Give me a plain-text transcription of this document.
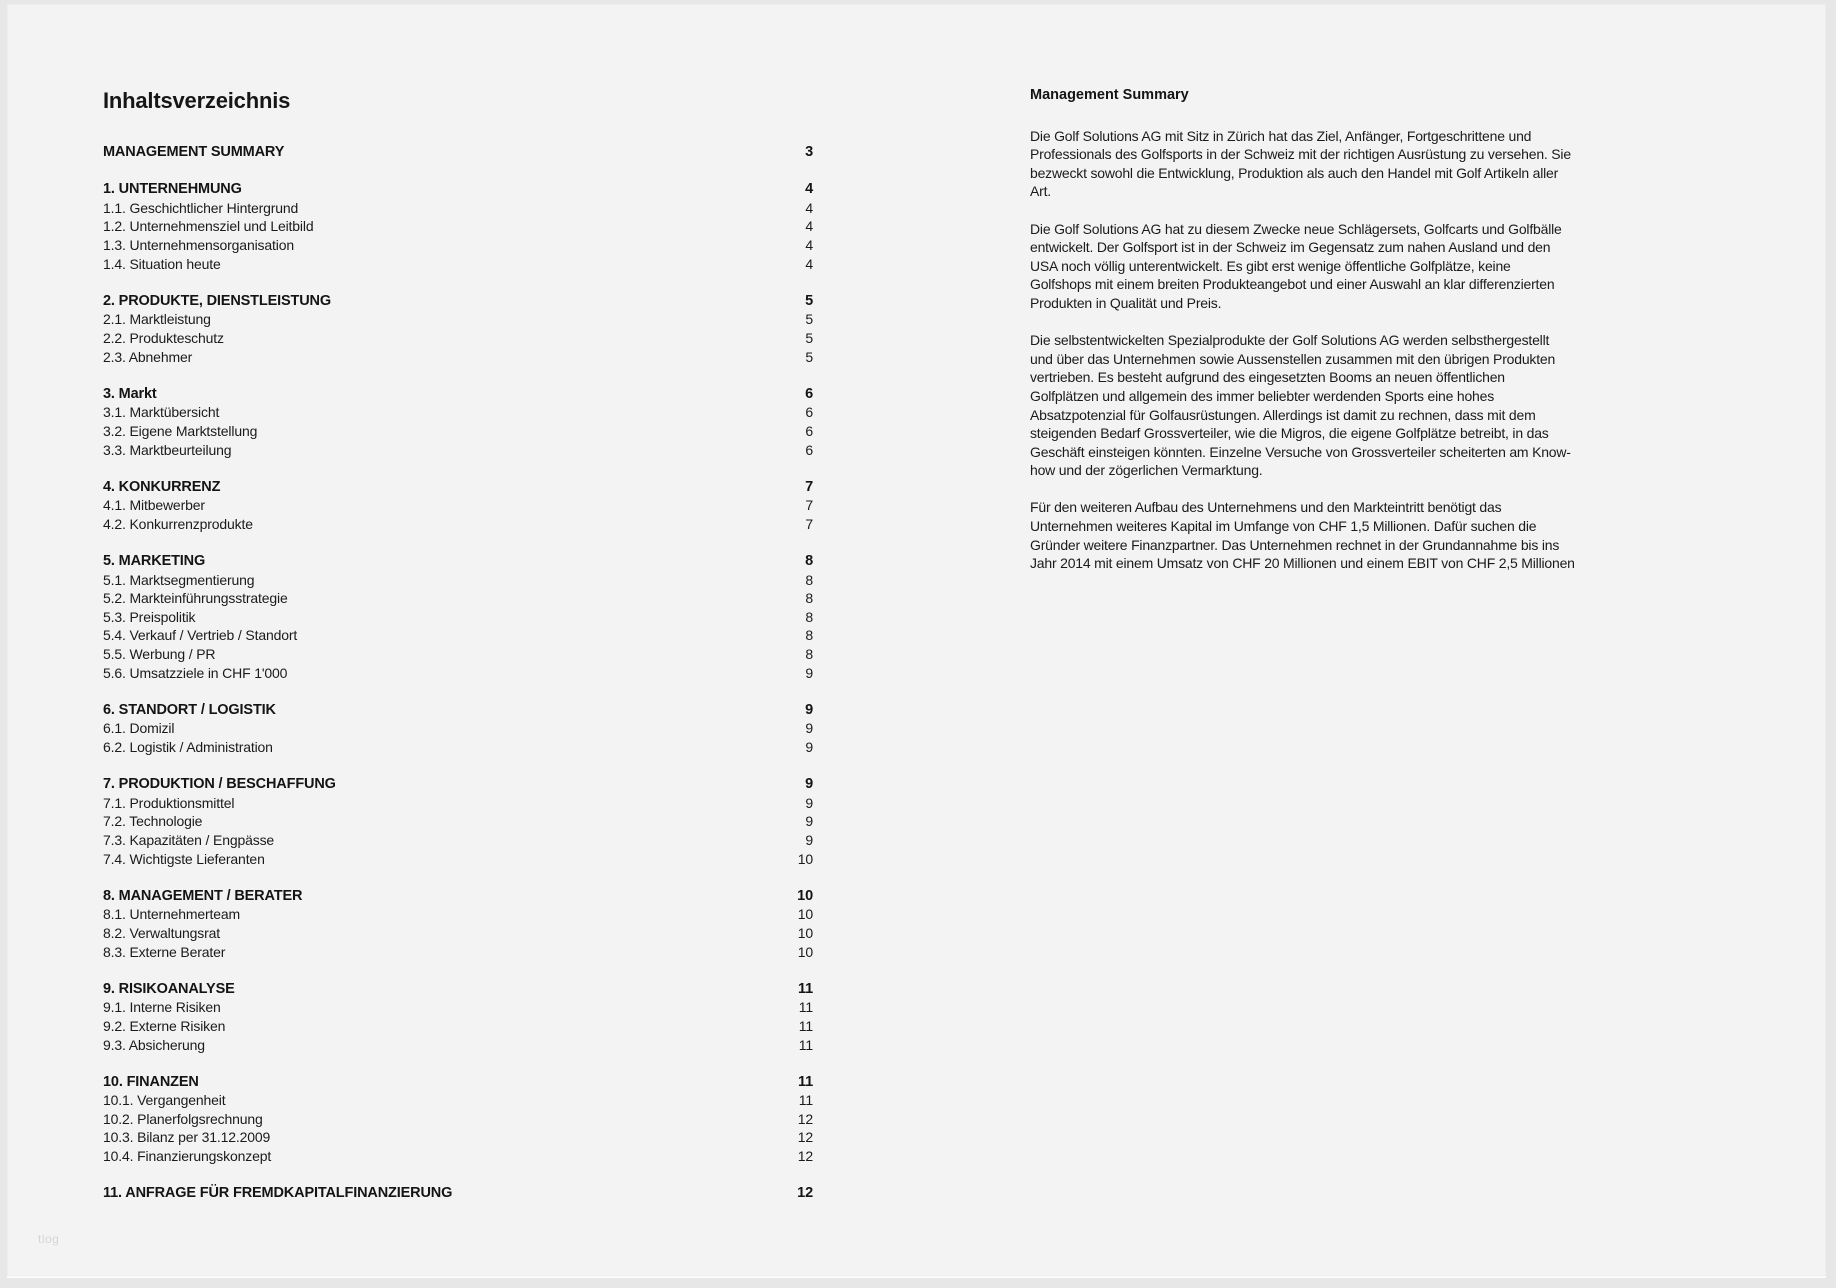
Inhaltsverzeichnis
MANAGEMENT SUMMARY	3
1. UNTERNEHMUNG	4
1.1. Geschichtlicher Hintergrund	4
1.2. Unternehmensziel und Leitbild	4
1.3. Unternehmensorganisation	4
1.4. Situation heute	4
2. PRODUKTE, DIENSTLEISTUNG	5
2.1. Marktleistung	5
2.2. Produkteschutz	5
2.3. Abnehmer	5
3. Markt	6
3.1. Marktübersicht	6
3.2. Eigene Marktstellung	6
3.3. Marktbeurteilung	6
4. KONKURRENZ	7
4.1. Mitbewerber	7
4.2. Konkurrenzprodukte	7
5. MARKETING	8
5.1. Marktsegmentierung	8
5.2. Markteinführungsstrategie	8
5.3. Preispolitik	8
5.4. Verkauf / Vertrieb / Standort	8
5.5. Werbung / PR	8
5.6. Umsatzziele in CHF 1'000	9
6. STANDORT / LOGISTIK	9
6.1. Domizil	9
6.2. Logistik / Administration	9
7. PRODUKTION / BESCHAFFUNG	9
7.1. Produktionsmittel	9
7.2. Technologie	9
7.3. Kapazitäten / Engpässe	9
7.4. Wichtigste Lieferanten	10
8. MANAGEMENT / BERATER	10
8.1. Unternehmerteam	10
8.2. Verwaltungsrat	10
8.3. Externe Berater	10
9. RISIKOANALYSE	11
9.1. Interne Risiken	11
9.2. Externe Risiken	11
9.3. Absicherung	11
10. FINANZEN	11
10.1. Vergangenheit	11
10.2. Planerfolgsrechnung	12
10.3. Bilanz per 31.12.2009	12
10.4. Finanzierungskonzept	12
11. ANFRAGE FÜR FREMDKAPITALFINANZIERUNG	12
Management Summary

Die Golf Solutions AG mit Sitz in Zürich hat das Ziel, Anfänger, Fortgeschrittene und Professionals des Golfsports in der Schweiz mit der richtigen Ausrüstung zu versehen. Sie bezweckt sowohl die Entwicklung, Produktion als auch den Handel mit Golf Artikeln aller Art.

Die Golf Solutions AG hat zu diesem Zwecke neue Schlägersets, Golfcarts und Golfbälle entwickelt. Der Golfsport ist in der Schweiz im Gegensatz zum nahen Ausland und den USA noch völlig unterentwickelt. Es gibt erst wenige öffentliche Golfplätze, keine Golfshops mit einem breiten Produkteangebot und einer Auswahl an klar differenzierten Produkten in Qualität und Preis.

Die selbstentwickelten Spezialprodukte der Golf Solutions AG werden selbsthergestellt und über das Unternehmen sowie Aussenstellen zusammen mit den übrigen Produkten vertrieben. Es besteht aufgrund des eingesetzten Booms an neuen öffentlichen Golfplätzen und allgemein des immer beliebter werdenden Sports eine hohes Absatzpotenzial für Golfausrüstungen. Allerdings ist damit zu rechnen, dass mit dem steigenden Bedarf Grossverteiler, wie die Migros, die eigene Golfplätze betreibt, in das Geschäft einsteigen könnten. Einzelne Versuche von Grossverteiler scheiterten am Know-how und der zögerlichen Vermarktung.

Für den weiteren Aufbau des Unternehmens und den Markteintritt benötigt das Unternehmen weiteres Kapital im Umfange von CHF 1,5 Millionen. Dafür suchen die Gründer weitere Finanzpartner. Das Unternehmen rechnet in der Grundannahme bis ins Jahr 2014 mit einem Umsatz von CHF 20 Millionen und einem EBIT von CHF 2,5 Millionen

tlog
